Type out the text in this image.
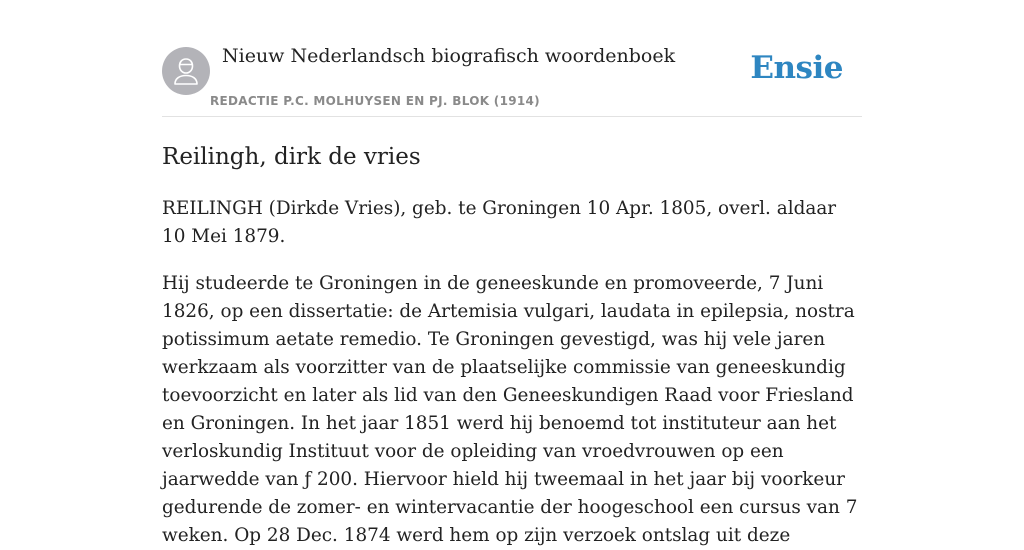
Nieuw Nederlandsch biografisch woordenboek
REDACTIE P.C. MOLHUYSEN EN PJ. BLOK (1914)
Ensie
Reilingh, dirk de vries

REILINGH (Dirkde Vries), geb. te Groningen 10 Apr. 1805, overl. aldaar 10 Mei 1879.

Hij studeerde te Groningen in de geneeskunde en promoveerde, 7 Juni 1826, op een dissertatie: de Artemisia vulgari, laudata in epilepsia, nostra potissimum aetate remedio. Te Groningen gevestigd, was hij vele jaren werkzaam als voorzitter van de plaatselijke commissie van geneeskundig toevoorzicht en later als lid van den Geneeskundigen Raad voor Friesland en Groningen. In het jaar 1851 werd hij benoemd tot instituteur aan het verloskundig Instituut voor de opleiding van vroedvrouwen op een jaarwedde van ƒ 200. Hiervoor hield hij tweemaal in het jaar bij voorkeur gedurende de zomer- en wintervacantie der hoogeschool een cursus van 7 weken. Op 28 Dec. 1874 werd hem op zijn verzoek ontslag uit deze
